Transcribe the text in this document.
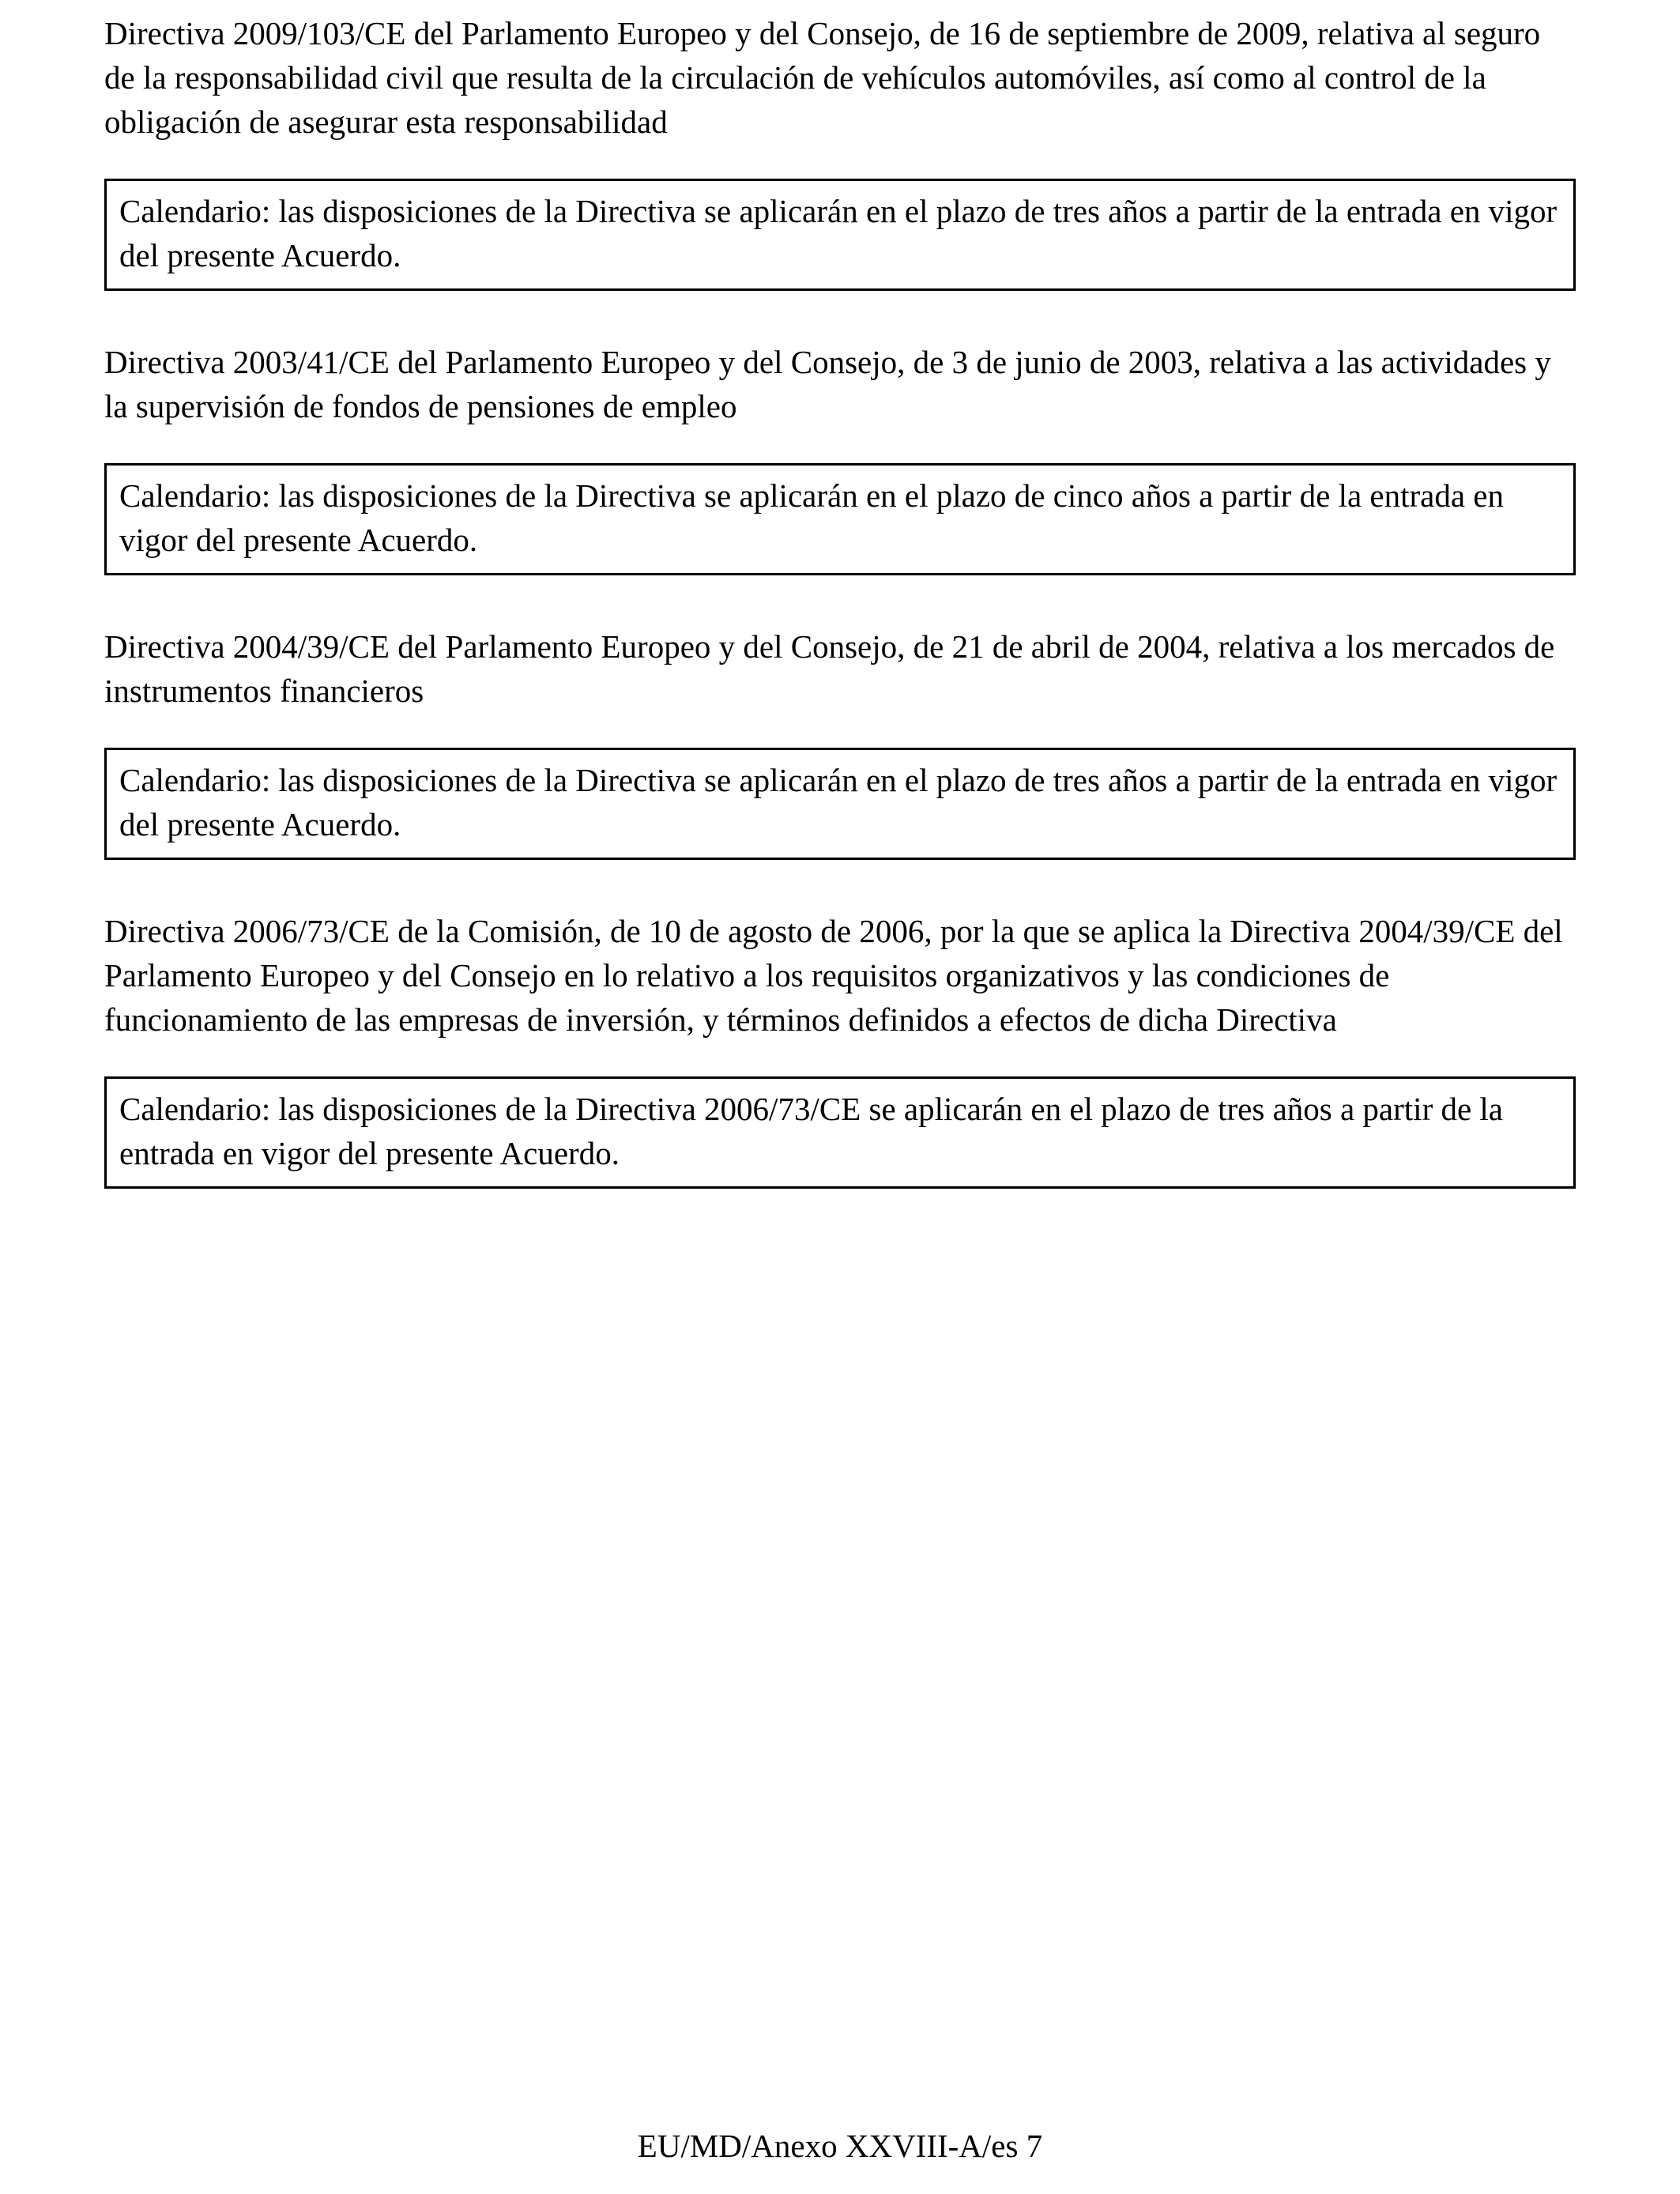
Directiva 2009/103/CE del Parlamento Europeo y del Consejo, de 16 de septiembre de 2009, relativa al seguro de la responsabilidad civil que resulta de la circulación de vehículos automóviles, así como al control de la obligación de asegurar esta responsabilidad

Calendario: las disposiciones de la Directiva se aplicarán en el plazo de tres años a partir de la entrada en vigor del presente Acuerdo.

Directiva 2003/41/CE del Parlamento Europeo y del Consejo, de 3 de junio de 2003, relativa a las actividades y la supervisión de fondos de pensiones de empleo

Calendario: las disposiciones de la Directiva se aplicarán en el plazo de cinco años a partir de la entrada en vigor del presente Acuerdo.

Directiva 2004/39/CE del Parlamento Europeo y del Consejo, de 21 de abril de 2004, relativa a los mercados de instrumentos financieros

Calendario: las disposiciones de la Directiva se aplicarán en el plazo de tres años a partir de la entrada en vigor del presente Acuerdo.

Directiva 2006/73/CE de la Comisión, de 10 de agosto de 2006, por la que se aplica la Directiva 2004/39/CE del Parlamento Europeo y del Consejo en lo relativo a los requisitos organizativos y las condiciones de funcionamiento de las empresas de inversión, y términos definidos a efectos de dicha Directiva

Calendario: las disposiciones de la Directiva 2006/73/CE se aplicarán en el plazo de tres años a partir de la entrada en vigor del presente Acuerdo.

EU/MD/Anexo XXVIII-A/es 7
